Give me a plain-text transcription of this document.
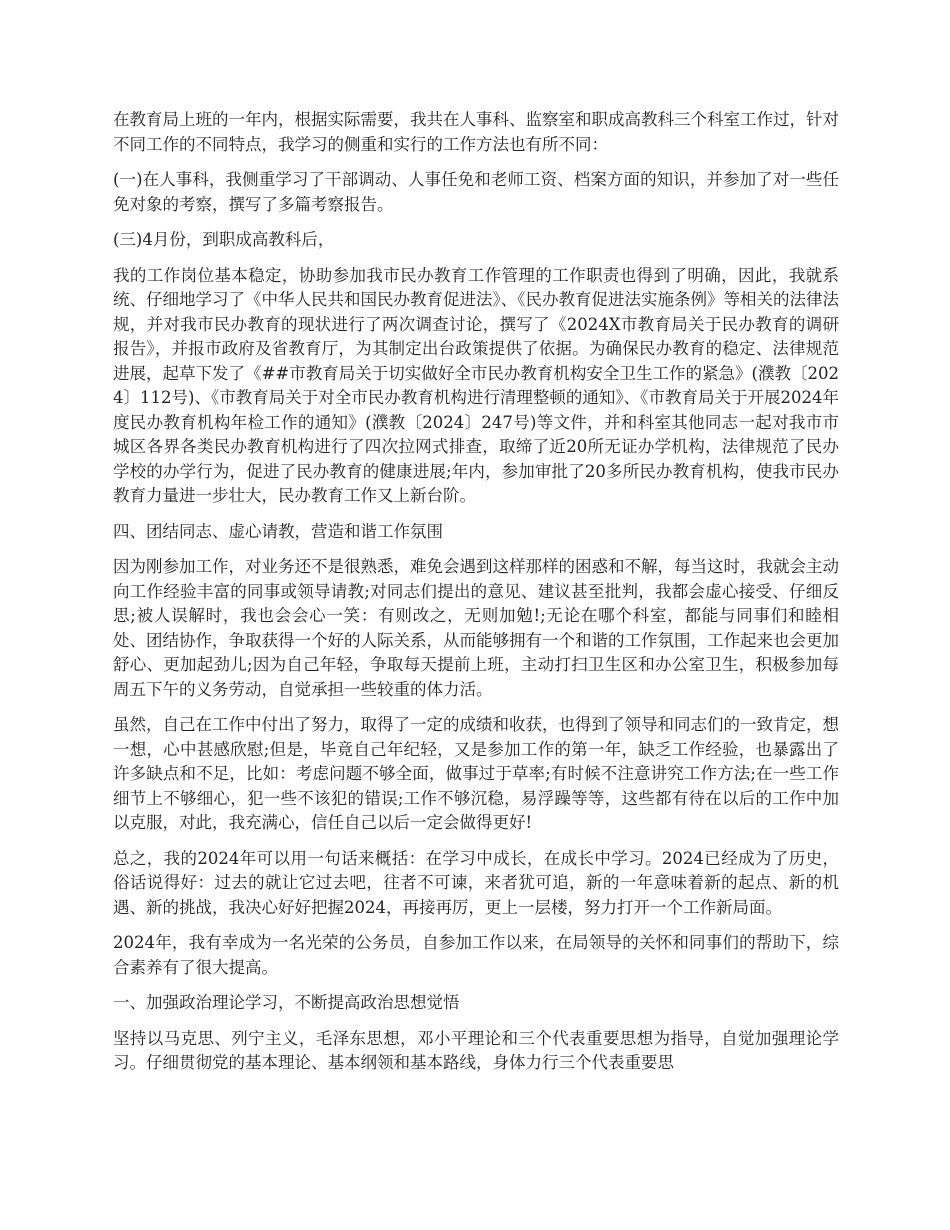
在教育局上班的一年内，根据实际需要，我共在人事科、监察室和职成高教科三个科室工作过，针对不同工作的不同特点，我学习的侧重和实行的工作方法也有所不同：

(一)在人事科，我侧重学习了干部调动、人事任免和老师工资、档案方面的知识，并参加了对一些任免对象的考察，撰写了多篇考察报告。

(三)4月份，到职成高教科后，

我的工作岗位基本稳定，协助参加我市民办教育工作管理的工作职责也得到了明确，因此，我就系统、仔细地学习了《中华人民共和国民办教育促进法》、《民办教育促进法实施条例》等相关的法律法规，并对我市民办教育的现状进行了两次调查讨论，撰写了《2024X市教育局关于民办教育的调研报告》，并报市政府及省教育厅，为其制定出台政策提供了依据。为确保民办教育的稳定、法律规范进展，起草下发了《##市教育局关于切实做好全市民办教育机构安全卫生工作的紧急》(濮教〔2024〕112号)、《市教育局关于对全市民办教育机构进行清理整顿的通知》、《市教育局关于开展2024年度民办教育机构年检工作的通知》(濮教〔2024〕247号)等文件，并和科室其他同志一起对我市市城区各界各类民办教育机构进行了四次拉网式排查，取缔了近20所无证办学机构，法律规范了民办学校的办学行为，促进了民办教育的健康进展;年内，参加审批了20多所民办教育机构，使我市民办教育力量进一步壮大，民办教育工作又上新台阶。

四、团结同志、虚心请教，营造和谐工作氛围

因为刚参加工作，对业务还不是很熟悉，难免会遇到这样那样的困惑和不解，每当这时，我就会主动向工作经验丰富的同事或领导请教;对同志们提出的意见、建议甚至批判，我都会虚心接受、仔细反思;被人误解时，我也会会心一笑：有则改之，无则加勉!;无论在哪个科室，都能与同事们和睦相处、团结协作，争取获得一个好的人际关系，从而能够拥有一个和谐的工作氛围，工作起来也会更加舒心、更加起劲儿;因为自己年轻，争取每天提前上班，主动打扫卫生区和办公室卫生，积极参加每周五下午的义务劳动，自觉承担一些较重的体力活。

虽然，自己在工作中付出了努力，取得了一定的成绩和收获，也得到了领导和同志们的一致肯定，想一想，心中甚感欣慰;但是，毕竟自己年纪轻，又是参加工作的第一年，缺乏工作经验，也暴露出了许多缺点和不足，比如：考虑问题不够全面，做事过于草率;有时候不注意讲究工作方法;在一些工作细节上不够细心，犯一些不该犯的错误;工作不够沉稳，易浮躁等等，这些都有待在以后的工作中加以克服，对此，我充满心，信任自己以后一定会做得更好!

总之，我的2024年可以用一句话来概括：在学习中成长，在成长中学习。2024已经成为了历史，俗话说得好：过去的就让它过去吧，往者不可谏，来者犹可追，新的一年意味着新的起点、新的机遇、新的挑战，我决心好好把握2024，再接再厉，更上一层楼，努力打开一个工作新局面。

2024年，我有幸成为一名光荣的公务员，自参加工作以来，在局领导的关怀和同事们的帮助下，综合素养有了很大提高。

一、加强政治理论学习，不断提高政治思想觉悟

坚持以马克思、列宁主义，毛泽东思想，邓小平理论和三个代表重要思想为指导，自觉加强理论学习。仔细贯彻党的基本理论、基本纲领和基本路线，身体力行三个代表重要思
